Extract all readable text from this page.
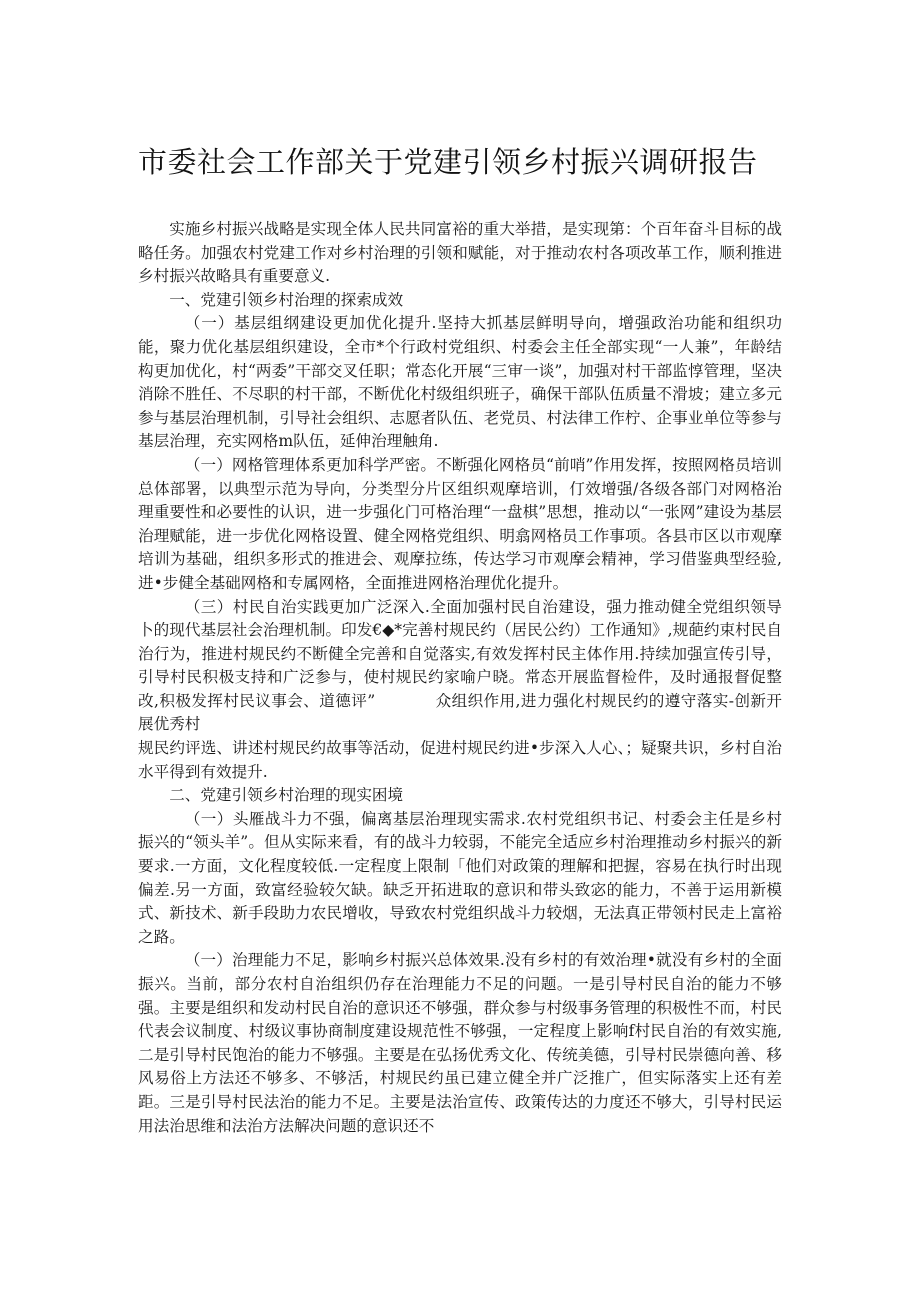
市委社会工作部关于党建引领乡村振兴调研报告

实施乡村振兴战略是实现全体人民共同富裕的重大举措，是实现第：个百年奋斗目标的战略任务。加强农村党建工作对乡村治理的引领和赋能，对于推动农村各项改革工作，顺利推进乡村振兴故略具有重要意义.

一、党建引领乡村治理的探索成效

（一）基层组纲建设更加优化提升.坚持大抓基层鲜明导向，增强政治功能和组织功能，聚力优化基层组织建设，全市*个行政村党组织、村委会主任全部实现“一人兼”，年龄结构更加优化，村“两委”干部交叉任职；常态化开展“三审一谈”，加强对村干部监惇管理，坚决消除不胜任、不尽职的村干部，不断优化村级组织班子，确保干部队伍质量不滑坡；建立多元参与基层治理机制，引导社会组织、志愿者队伍、老党员、村法律工作柠、企事业单位等参与基层治理，充实网格m队伍，延伸治理触角.

（一）网格管理体系更加科学严密。不断强化网格员“前哨”作用发挥，按照网格员培训总体部署，以典型示范为导向，分类型分片区组织观摩培训，仃效增强/各级各部门对网格治理重要性和必要性的认识，进一步强化门可格治理“一盘棋”思想，推动以“一张网”建设为基层治理赋能，进一步优化网格设置、健全网格党组织、明翕网格员工作事项。各县市区以市观摩培训为基础，组织多形式的推进会、观摩拉练，传达学习市观摩会精神，学习借鉴典型经验,进•步健全基础网格和专属网格，全面推进网格治理优化提升。

（三）村民自治实践更加广泛深入.全面加强村民自治建设，强力推动健全党组织领导卜的现代基层社会治理机制。印发€◆*完善村规民约（居民公约）工作通知》,规葩约束村民自治行为，推进村规民约不断健全完善和自觉落实,有效发挥村民主体作用.持续加强宣传引导，引导村民积极支持和广泛参与，使村规民约家喻户晓。常态开展监督检件，及时通报督促整改,积极发挥村民议事会、道德评”	众组织作用,进力强化村规民约的遵守落实-创新开展优秀村

规民约评选、讲述村规民约故事等活动，促进村规民约进•步深入人心、；疑聚共识，乡村自治水平得到有效提升.

二、党建引领乡村治理的现实困境

（一）头雁战斗力不强，偏离基层治理现实需求.农村党组织书记、村委会主任是乡村振兴的“领头羊”。但从实际来看，有的战斗力较弱，不能完全适应乡村治理推动乡村振兴的新要求.一方面，文化程度较低.一定程度上限制「他们对政策的理解和把握，容易在执行时出现偏差.另一方面，致富经验较欠缺。缺乏开拓进取的意识和带头致宓的能力，不善于运用新模式、新技术、新手段助力农民增收，导致农村党组织战斗力较烟，无法真正带领村民走上富裕之路。

（一）治理能力不足，影响乡村振兴总体效果.没有乡村的有效治理•就没有乡村的全面振兴。当前，部分农村自治组织仍存在治理能力不足的问题。一是引导村民自治的能力不够强。主要是组织和发动村民自治的意识还不够强，群众参与村级事务管理的积极性不而，村民代表会议制度、村级议事协商制度建设规范性不够强，一定程度上影响f村民自治的有效实施,二是引导村民饱治的能力不够强。主要是在弘扬优秀文化、传统美德，引导村民崇德向善、移风易俗上方法还不够多、不够活，村规民约虽已建立健全并广泛推广，但实际落实上还有差距。三是引导村民法治的能力不足。主要是法治宣传、政策传达的力度还不够大，引导村民运用法治思维和法治方法解决问题的意识还不
